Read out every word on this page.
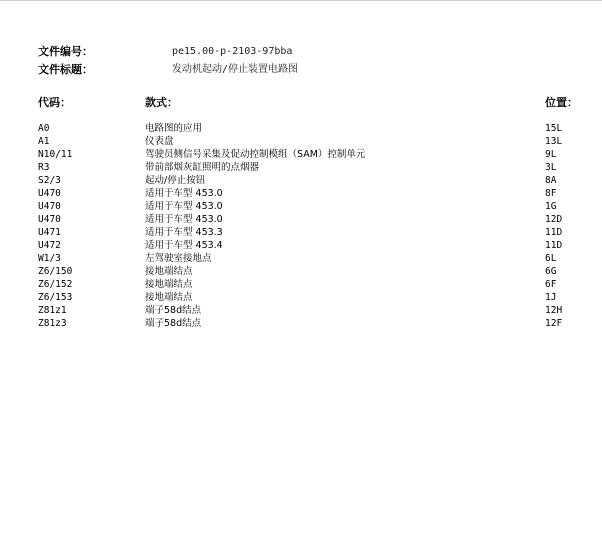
文件编号：	pe15.00-p-2103-97bba
文件标题：	发动机起动/停止装置电路图
代码：	款式：	位置：
A0	电路图的应用	15L
A1	仪表盘	13L
N10/11	驾驶员侧信号采集及促动控制模组（SAM）控制单元	9L
R3	带前部烟灰缸照明的点烟器	3L
S2/3	起动/停止按钮	8A
U470	适用于车型 453.0	8F
U470	适用于车型 453.0	1G
U470	适用于车型 453.0	12D
U471	适用于车型 453.3	11D
U472	适用于车型 453.4	11D
W1/3	左驾驶室接地点	6L
Z6/150	接地端结点	6G
Z6/152	接地端结点	6F
Z6/153	接地端结点	1J
Z81z1	端子58d结点	12H
Z81z3	端子58d结点	12F
